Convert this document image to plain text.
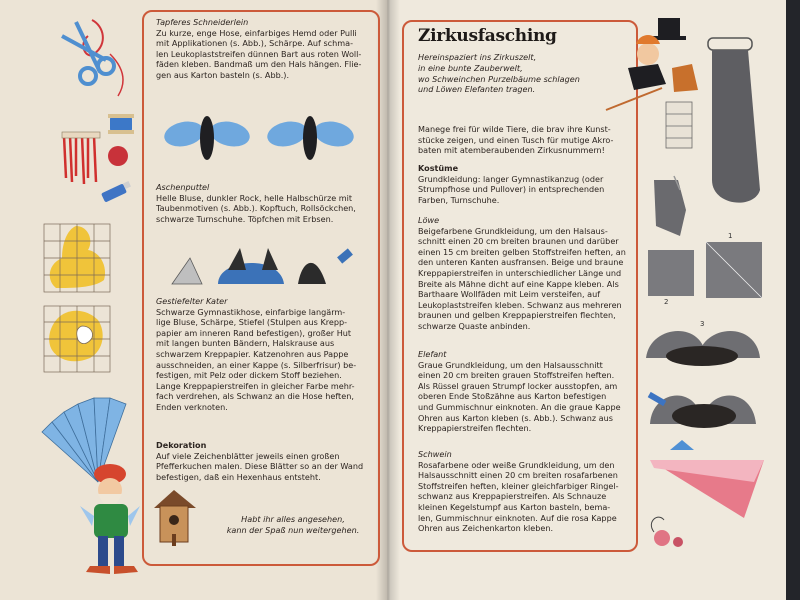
Tapferes Schneiderlein
Zu kurze, enge Hose, einfarbiges Hemd oder Pulli
mit Applikationen (s. Abb.), Schärpe. Auf schma-
len Leukoplaststreifen dünnen Bart aus roten Woll-
fäden kleben. Bandmaß um den Hals hängen. Flie-
gen aus Karton basteln (s. Abb.).

Aschenputtel
Helle Bluse, dunkler Rock, helle Halbschürze mit
Taubenmotiven (s. Abb.). Kopftuch, Rollsöckchen,
schwarze Turnschuhe. Töpfchen mit Erbsen.

Gestiefelter Kater
Schwarze Gymnastikhose, einfarbige langärm-
lige Bluse, Schärpe, Stiefel (Stulpen aus Krepp-
papier am inneren Rand befestigen), großer Hut
mit langen bunten Bändern, Halskrause aus
schwarzem Kreppapier. Katzenohren aus Pappe
ausschneiden, an einer Kappe (s. Silberfrisur) be-
festigen, mit Pelz oder dickem Stoff beziehen.
Lange Kreppapierstreifen in gleicher Farbe mehr-
fach verdrehen, als Schwanz an die Hose heften,
Enden verknoten.

Dekoration
Auf viele Zeichenblätter jeweils einen großen
Pfefferkuchen malen. Diese Blätter so an der Wand
befestigen, daß ein Hexenhaus entsteht.

Habt ihr alles angesehen,
kann der Spaß nun weitergehen.

Zirkusfasching

Hereinspaziert ins Zirkuszelt,
in eine bunte Zauberwelt,
wo Schweinchen Purzelbäume schlagen
und Löwen Elefanten tragen.

Manege frei für wilde Tiere, die brav ihre Kunst-
stücke zeigen, und einen Tusch für mutige Akro-
baten mit atemberaubenden Zirkusnummern!

Kostüme
Grundkleidung: langer Gymnastikanzug (oder
Strumpfhose und Pullover) in entsprechenden
Farben, Turnschuhe.

Löwe
Beigefarbene Grundkleidung, um den Halsaus-
schnitt einen 20 cm breiten braunen und darüber
einen 15 cm breiten gelben Stoffstreifen heften, an
den unteren Kanten ausfransen. Beige und braune
Kreppapierstreifen in unterschiedlicher Länge und
Breite als Mähne dicht auf eine Kappe kleben. Als
Barthaare Wollfäden mit Leim versteifen, auf
Leukoplaststreifen kleben. Schwanz aus mehreren
braunen und gelben Kreppapierstreifen flechten,
schwarze Quaste anbinden.

Elefant
Graue Grundkleidung, um den Halsausschnitt
einen 20 cm breiten grauen Stoffstreifen heften.
Als Rüssel grauen Strumpf locker ausstopfen, am
oberen Ende Stoßzähne aus Karton befestigen
und Gummischnur einknoten. An die graue Kappe
Ohren aus Karton kleben (s. Abb.). Schwanz aus
Kreppapierstreifen flechten.

Schwein
Rosafarbene oder weiße Grundkleidung, um den
Halsausschnitt einen 20 cm breiten rosafarbenen
Stoffstreifen heften, kleiner gleichfarbiger Ringel-
schwanz aus Kreppapierstreifen. Als Schnauze
kleinen Kegelstumpf aus Karton basteln, bema-
len, Gummischnur einknoten. Auf die rosa Kappe
Ohren aus Zeichenkarton kleben.

1
2
3
